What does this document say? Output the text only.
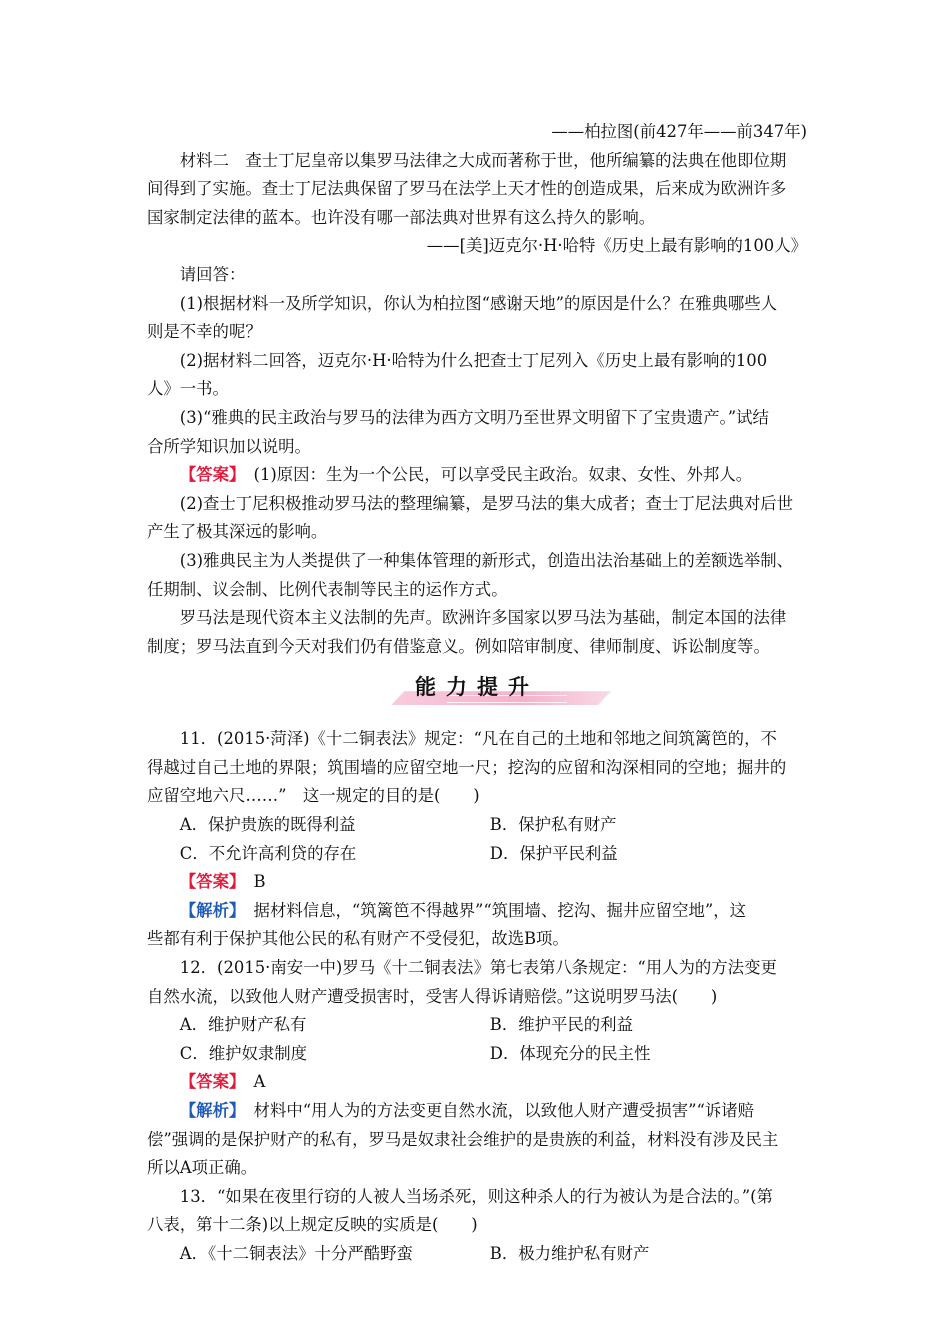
——柏拉图(前427年——前347年)
材料二　查士丁尼皇帝以集罗马法律之大成而著称于世，他所编纂的法典在他即位期
间得到了实施。查士丁尼法典保留了罗马在法学上天才性的创造成果，后来成为欧洲许多
国家制定法律的蓝本。也许没有哪一部法典对世界有这么持久的影响。
——[美]迈克尔·H·哈特《历史上最有影响的100人》
请回答：
(1)根据材料一及所学知识，你认为柏拉图“感谢天地”的原因是什么？在雅典哪些人
则是不幸的呢？
(2)据材料二回答，迈克尔·H·哈特为什么把查士丁尼列入《历史上最有影响的100
人》一书。
(3)“雅典的民主政治与罗马的法律为西方文明乃至世界文明留下了宝贵遗产。”试结
合所学知识加以说明。
【答案】　(1)原因：生为一个公民，可以享受民主政治。奴隶、女性、外邦人。
(2)查士丁尼积极推动罗马法的整理编纂，是罗马法的集大成者；查士丁尼法典对后世
产生了极其深远的影响。
(3)雅典民主为人类提供了一种集体管理的新形式，创造出法治基础上的差额选举制、
任期制、议会制、比例代表制等民主的运作方式。
罗马法是现代资本主义法制的先声。欧洲许多国家以罗马法为基础，制定本国的法律
制度；罗马法直到今天对我们仍有借鉴意义。例如陪审制度、律师制度、诉讼制度等。
能力提升
11．(2015·菏泽)《十二铜表法》规定：“凡在自己的土地和邻地之间筑篱笆的，不
得越过自己土地的界限；筑围墙的应留空地一尺；挖沟的应留和沟深相同的空地；掘井的
应留空地六尺……”　这一规定的目的是(　　)
A．保护贵族的既得利益	B．保护私有财产
C．不允许高利贷的存在	D．保护平民利益
【答案】　B
【解析】　据材料信息，“筑篱笆不得越界”“筑围墙、挖沟、掘井应留空地”，这
些都有利于保护其他公民的私有财产不受侵犯，故选B项。
12．(2015·南安一中)罗马《十二铜表法》第七表第八条规定：“用人为的方法变更
自然水流，以致他人财产遭受损害时，受害人得诉请赔偿。”这说明罗马法(　　)
A．维护财产私有	B．维护平民的利益
C．维护奴隶制度	D．体现充分的民主性
【答案】　A
【解析】　材料中“用人为的方法变更自然水流，以致他人财产遭受损害”“诉诸赔
偿”强调的是保护财产的私有，罗马是奴隶社会维护的是贵族的利益，材料没有涉及民主
所以A项正确。
13．“如果在夜里行窃的人被人当场杀死，则这种杀人的行为被认为是合法的。”(第
八表，第十二条)以上规定反映的实质是(　　)
A．《十二铜表法》十分严酷野蛮	B．极力维护私有财产
